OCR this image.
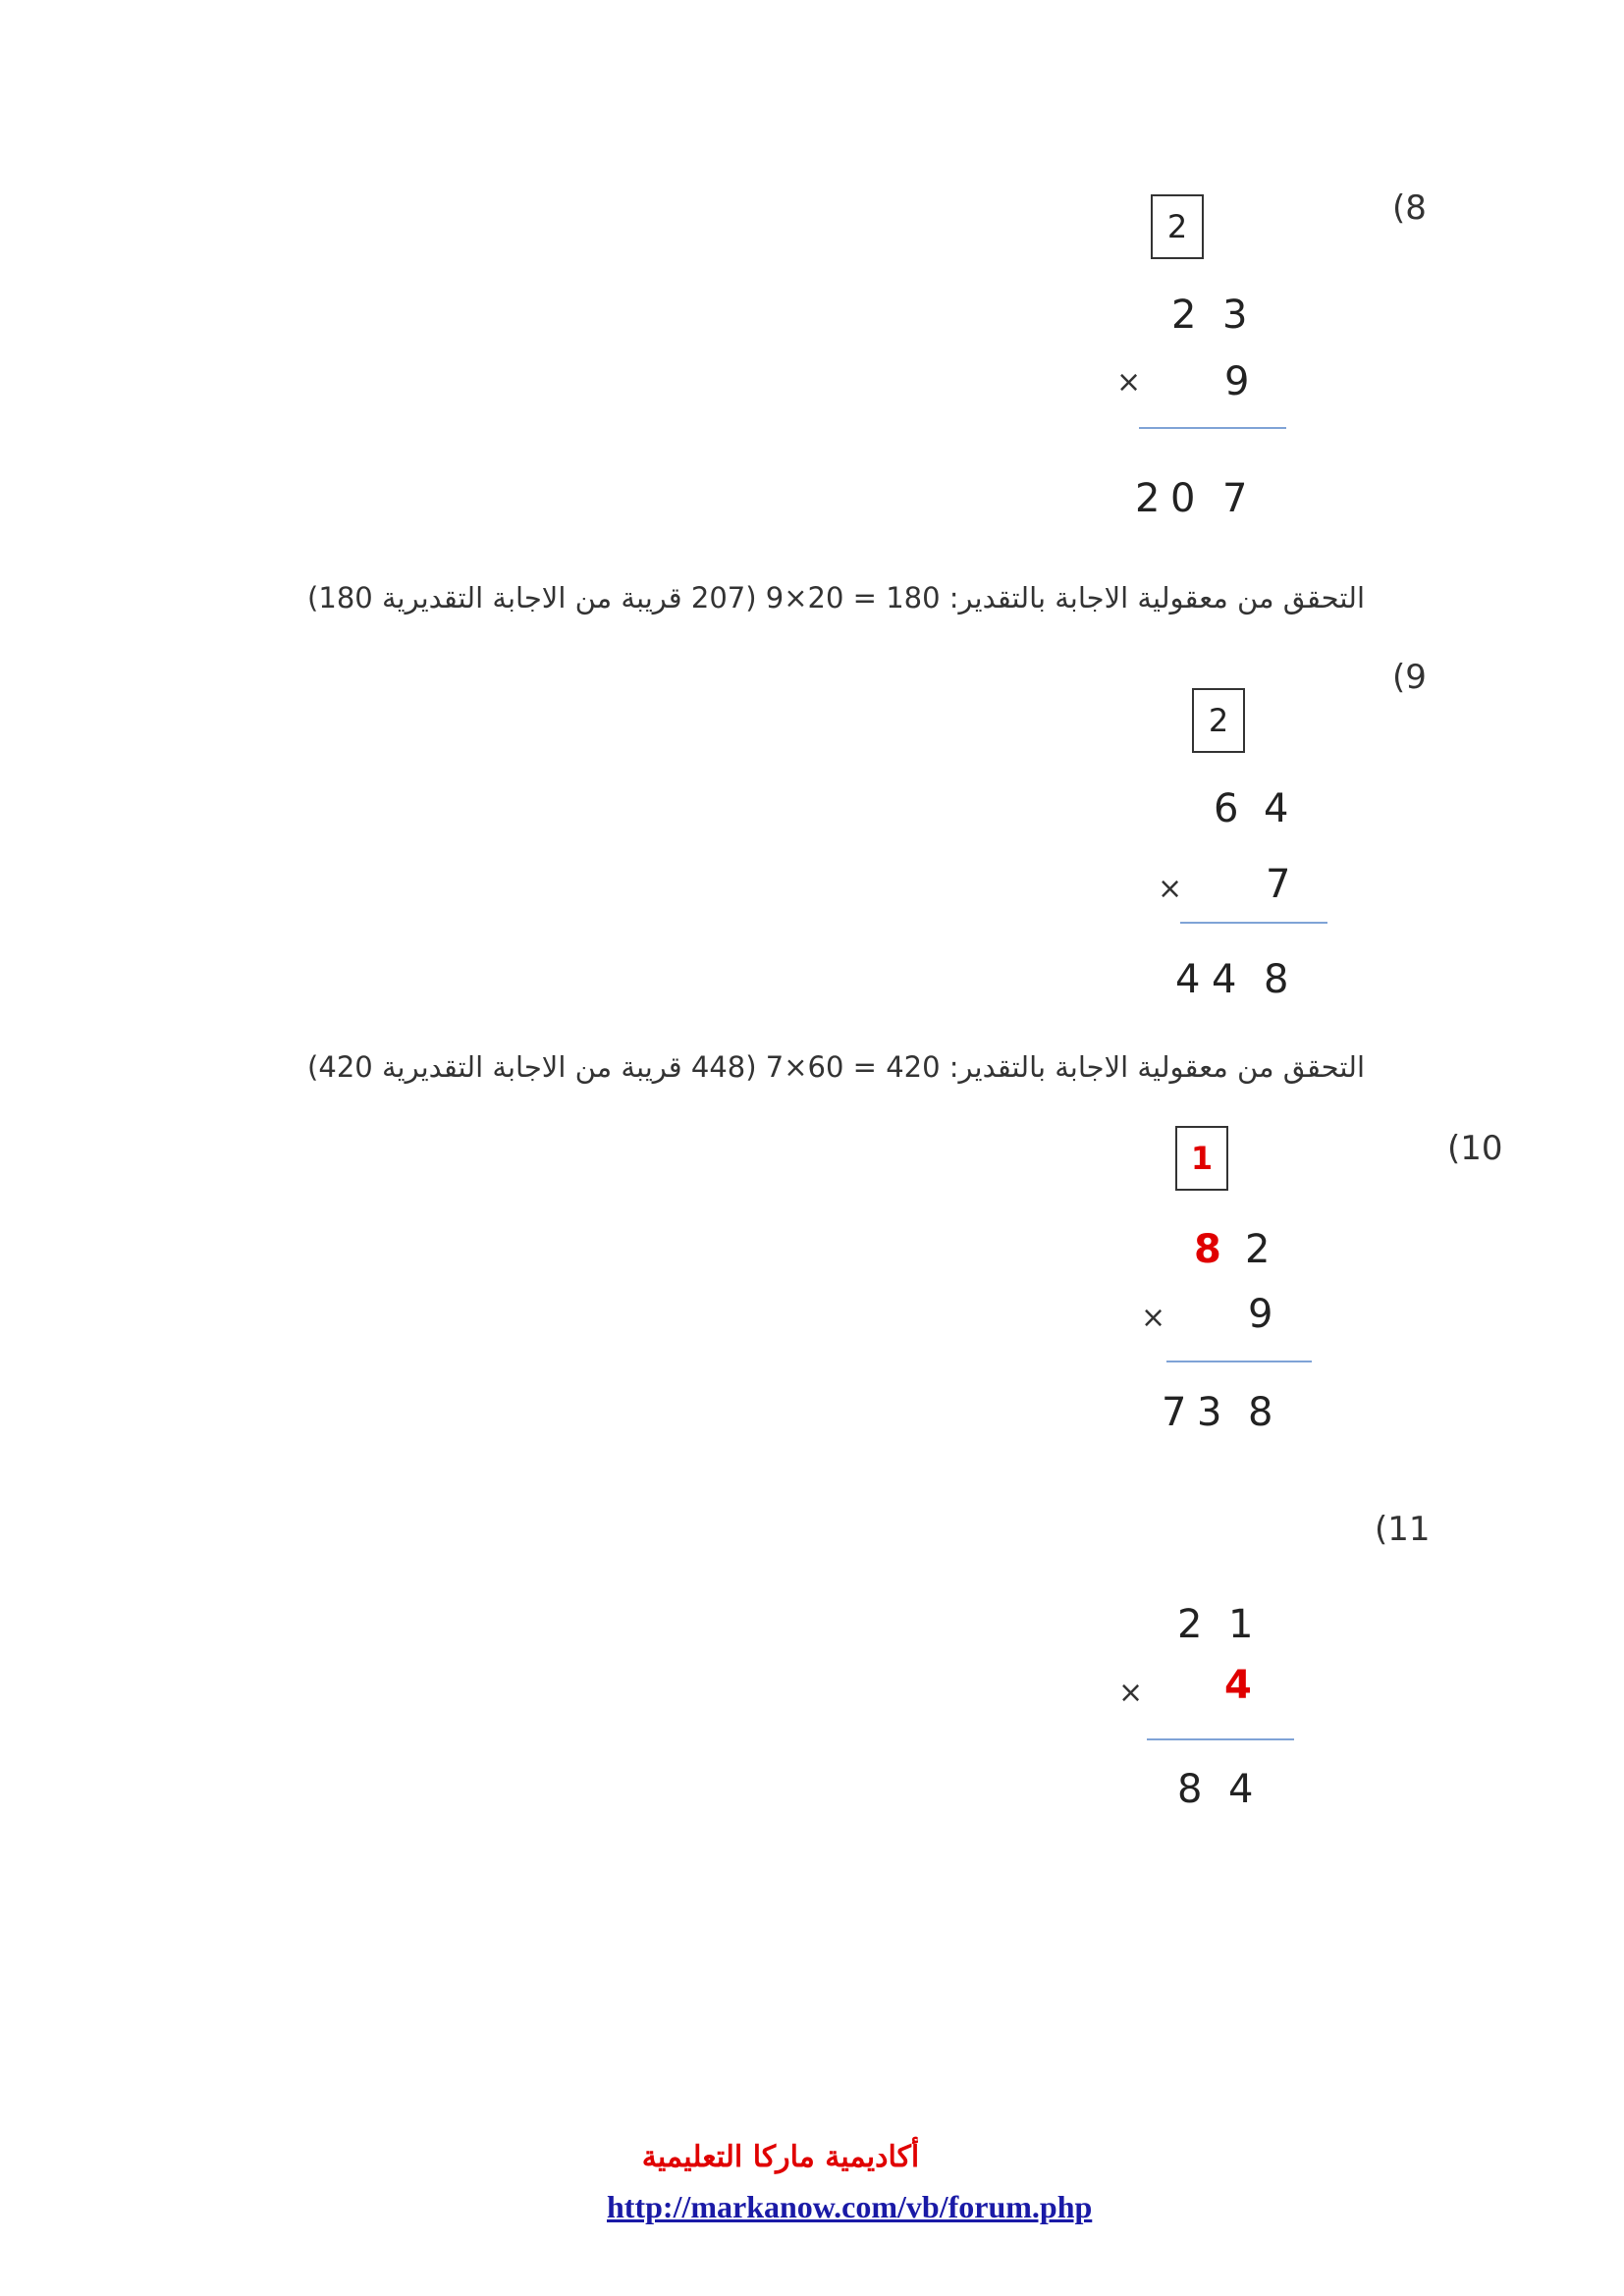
(8
2
2 3
× 9
2 0 7
التحقق من معقولية الاجابة بالتقدير: 180 = 20×9 (207 قريبة من الاجابة التقديرية 180)
(9
2
6 4
× 7
4 4 8
التحقق من معقولية الاجابة بالتقدير: 420 = 60×7 (448 قريبة من الاجابة التقديرية 420)
(10
1
8 2
× 9
7 3 8
(11
2 1
× 4
8 4
أكاديمية ماركا التعليمية
http://markanow.com/vb/forum.php
